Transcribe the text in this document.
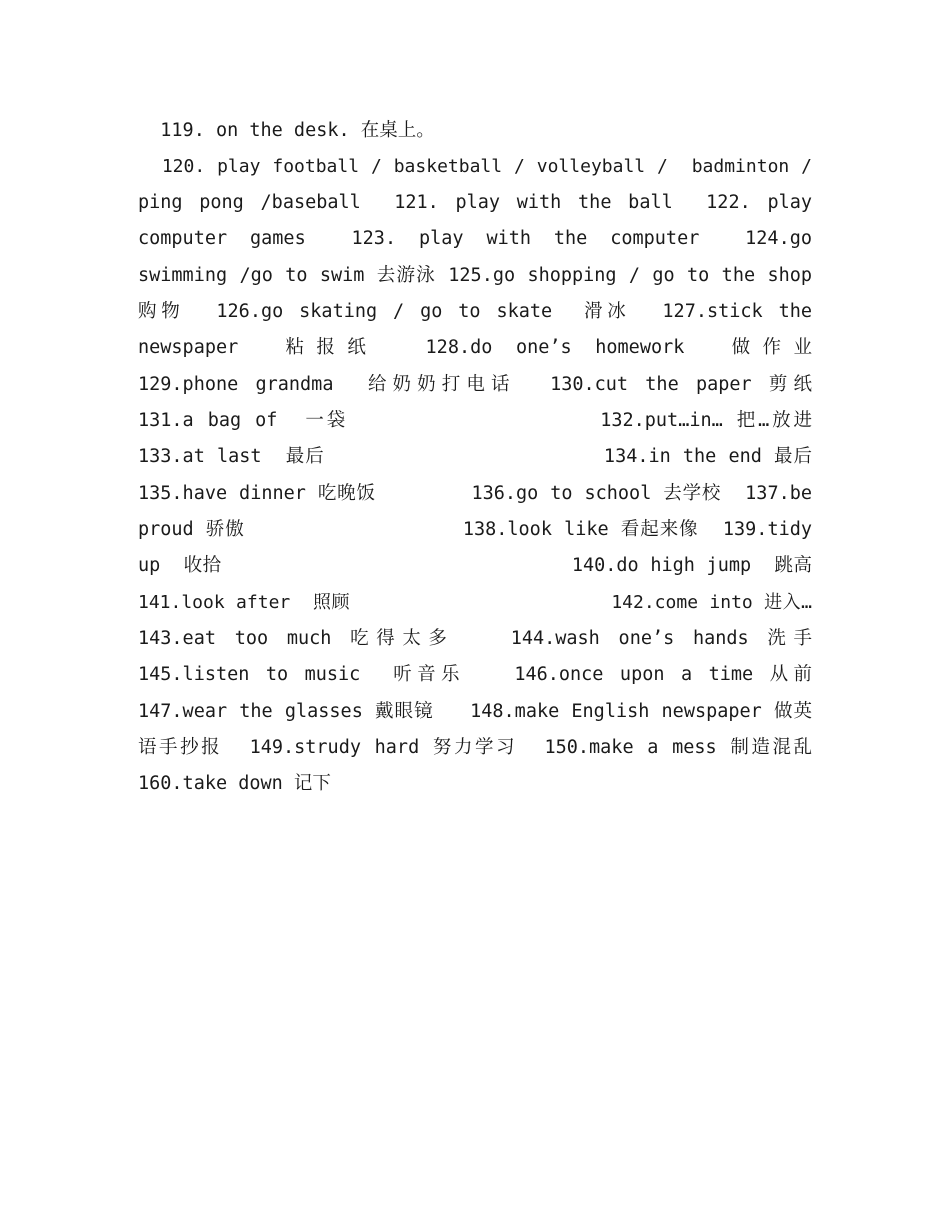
119. on the desk. 在桌上。
120. play football / basketball / volleyball /  badminton /
ping pong /baseball  121. play with the ball  122. play
computer games  123. play with the computer  124.go
swimming /go to swim 去游泳 125.go shopping / go to the shop
购物  126.go skating / go to skate  滑冰  127.stick the
newspaper  粘报纸  128.do one’s homework  做作业
129.phone grandma  给奶奶打电话  130.cut the paper 剪纸
131.a bag of  一袋                  132.put…in… 把…放进
133.at last  最后                       134.in the end 最后
135.have dinner 吃晚饭        136.go to school 去学校  137.be
proud 骄傲                  138.look like 看起来像  139.tidy
up  收拾                              140.do high jump  跳高
141.look after  照顾                       142.come into 进入…
143.eat too much 吃得太多   144.wash one’s hands 洗手
145.listen to music  听音乐   146.once upon a time 从前
147.wear the glasses 戴眼镜   148.make English newspaper 做英
语手抄报  149.strudy hard 努力学习  150.make a mess 制造混乱
160.take down 记下
